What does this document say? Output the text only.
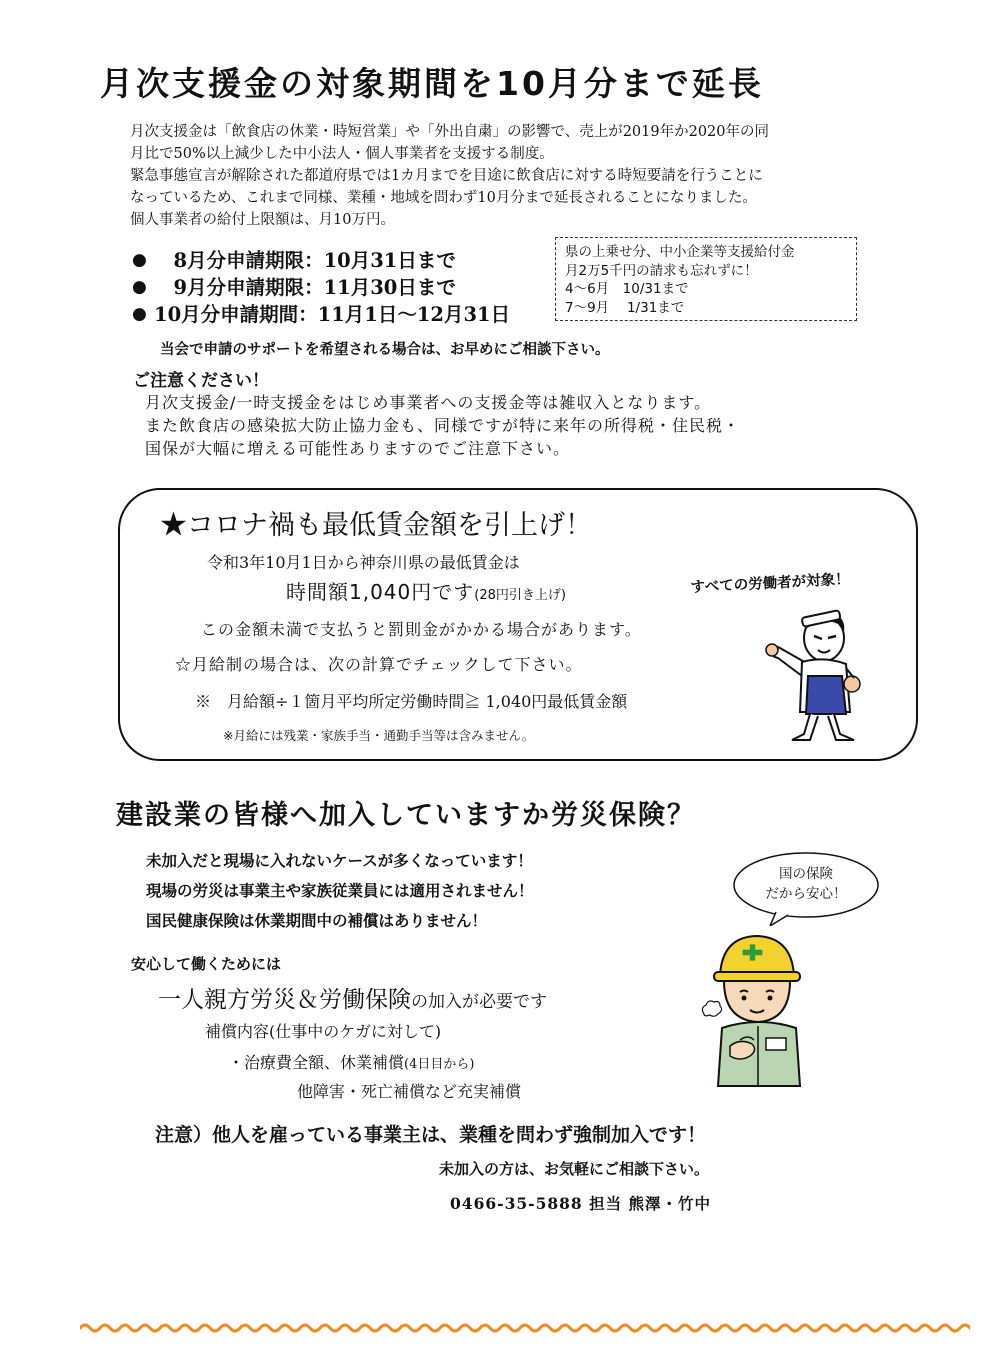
月次支援金の対象期間を10月分まで延長
月次支援金は「飲食店の休業・時短営業」や「外出自粛」の影響で、売上が2019年か2020年の同
月比で50%以上減少した中小法人・個人事業者を支援する制度。
緊急事態宣言が解除された都道府県では1カ月までを目途に飲食店に対する時短要請を行うことに
なっているため、これまで同様、業種・地域を問わず10月分まで延長されることになりました。
個人事業者の給付上限額は、月10万円。
● 　8月分申請期限：10月31日まで
● 　9月分申請期限：11月30日まで
● 10月分申請期間：11月1日～12月31日
県の上乗せ分、中小企業等支援給付金
月2万5千円の請求も忘れずに！
4～6月　10/31まで
7～9月　 1/31まで
当会で申請のサポートを希望される場合は、お早めにご相談下さい。
ご注意ください！
月次支援金/一時支援金をはじめ事業者への支援金等は雑収入となります。
また飲食店の感染拡大防止協力金も、同様ですが特に来年の所得税・住民税・
国保が大幅に増える可能性ありますのでご注意下さい。
★コロナ禍も最低賃金額を引上げ！
令和3年10月1日から神奈川県の最低賃金は
時間額1,040円です(28円引き上げ)	すべての労働者が対象！
この金額未満で支払うと罰則金がかかる場合があります。
☆月給制の場合は、次の計算でチェックして下さい。
※　月給額÷１箇月平均所定労働時間≧ 1,040円最低賃金額
※月給には残業・家族手当・通勤手当等は含みません。
建設業の皆様へ加入していますか労災保険？
未加入だと現場に入れないケースが多くなっています！
現場の労災は事業主や家族従業員には適用されません！
国民健康保険は休業期間中の補償はありません！
安心して働くためには
一人親方労災＆労働保険の加入が必要です
補償内容(仕事中のケガに対して)
・治療費全額、休業補償(4日目から)
他障害・死亡補償など充実補償
国の保険
だから安心！
注意）他人を雇っている事業主は、業種を問わず強制加入です！
未加入の方は、お気軽にご相談下さい。
0466-35-5888 担当 熊澤・竹中
